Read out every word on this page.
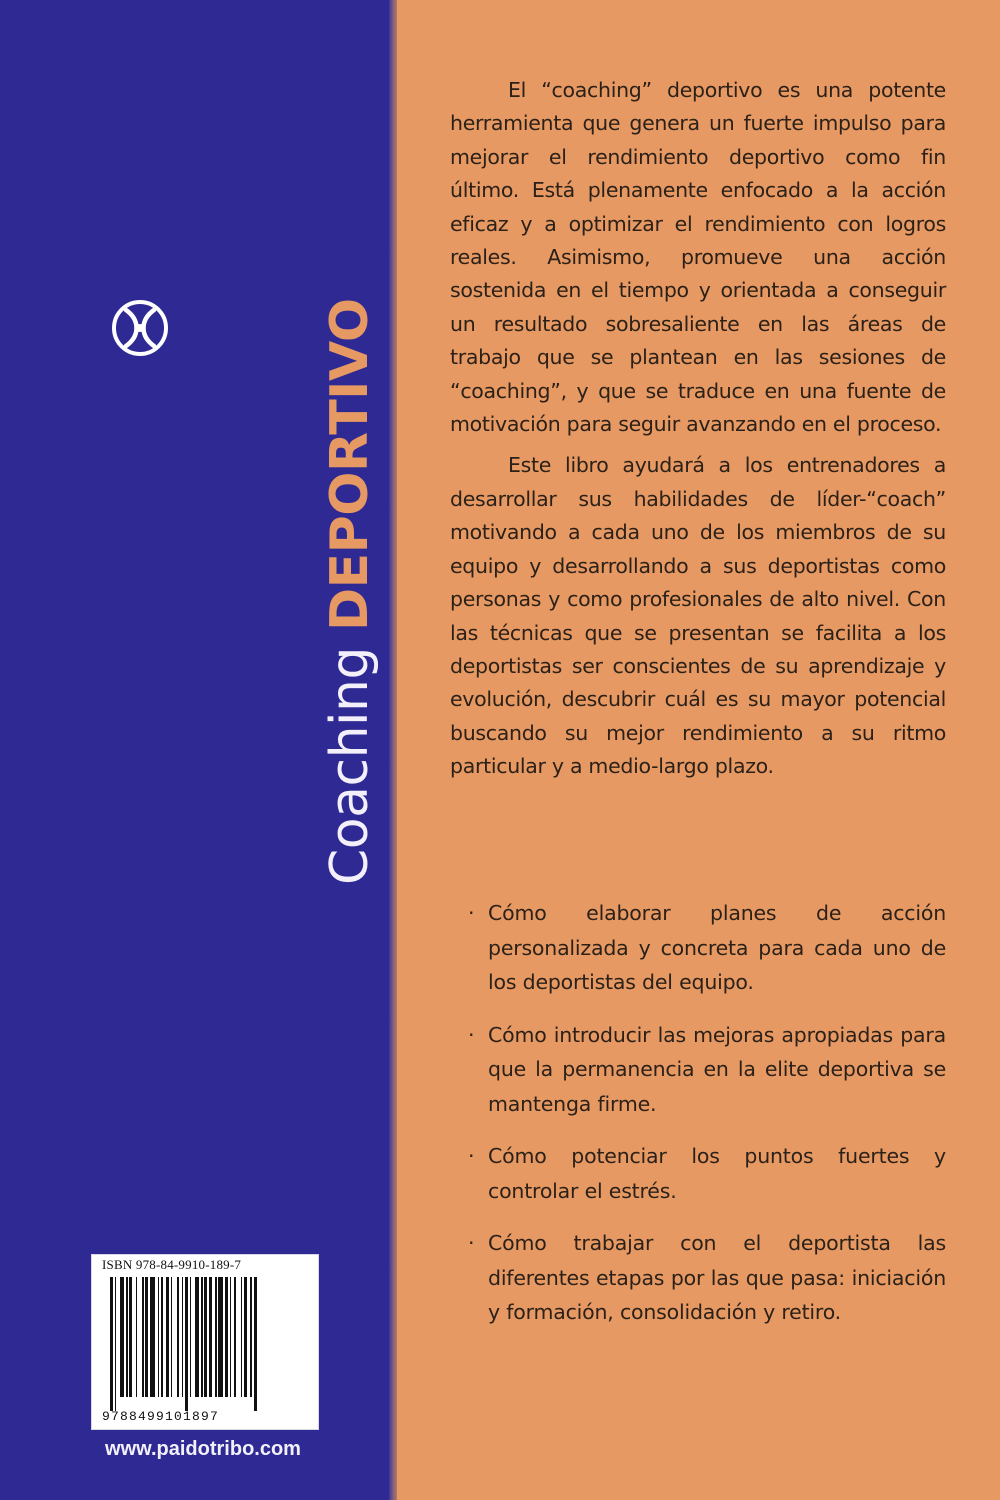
Coaching DEPORTIVO

El “coaching” deportivo es una potente herramienta que genera un fuerte impulso para mejorar el rendimiento deportivo como fin último. Está plenamente enfocado a la acción eficaz y a optimizar el rendimiento con logros reales. Asimismo, promueve una acción sostenida en el tiempo y orientada a conseguir un resultado sobresaliente en las áreas de trabajo que se plantean en las sesiones de “coaching”, y que se traduce en una fuente de motivación para seguir avanzando en el proceso.

Este libro ayudará a los entrenadores a desarrollar sus habilidades de líder-“coach” motivando a cada uno de los miembros de su equipo y desarrollando a sus deportistas como personas y como profesionales de alto nivel. Con las técnicas que se presentan se facilita a los deportistas ser conscientes de su aprendizaje y evolución, descubrir cuál es su mayor potencial buscando su mejor rendimiento a su ritmo particular y a medio-largo plazo.

· Cómo elaborar planes de acción personalizada y concreta para cada uno de los deportistas del equipo.
· Cómo introducir las mejoras apropiadas para que la permanencia en la elite deportiva se mantenga firme.
· Cómo potenciar los puntos fuertes y controlar el estrés.
· Cómo trabajar con el deportista las diferentes etapas por las que pasa: iniciación y formación, consolidación y retiro.
ISBN 978-84-9910-189-7
9788499101897
www.paidotribo.com
